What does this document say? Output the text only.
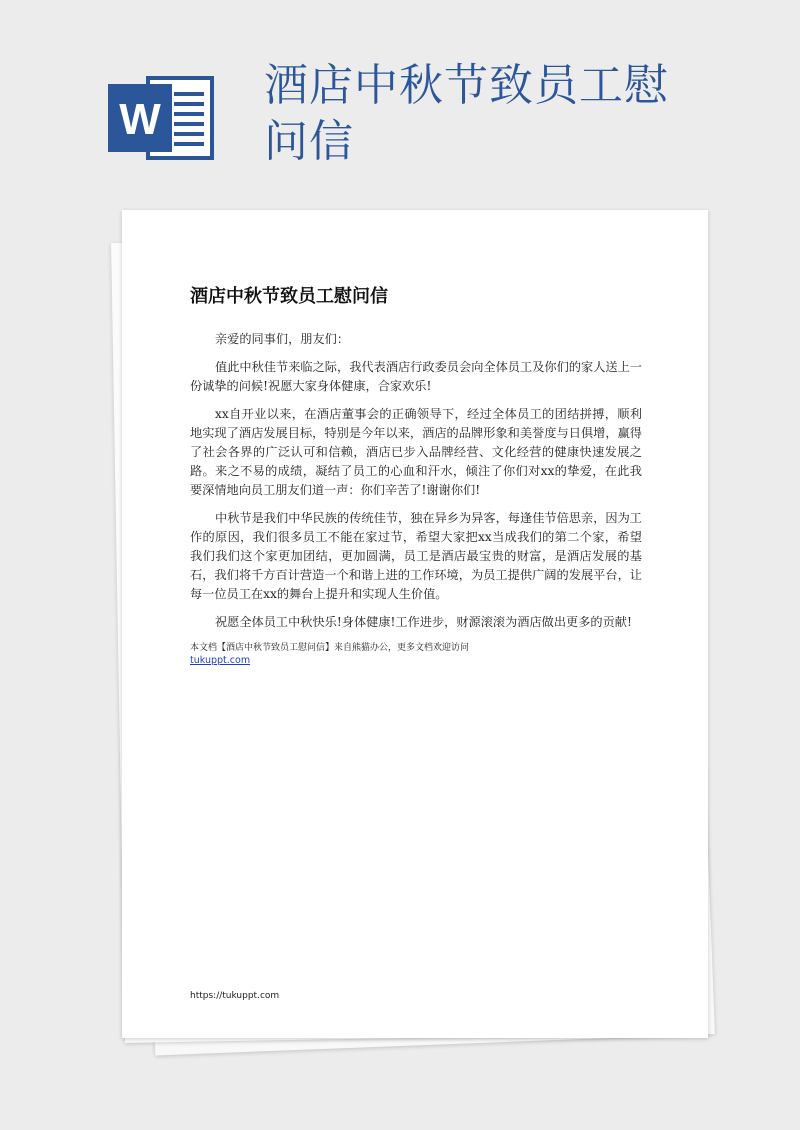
W
酒店中秋节致员工慰问信
酒店中秋节致员工慰问信

亲爱的同事们，朋友们：

值此中秋佳节来临之际，我代表酒店行政委员会向全体员工及你们的家人送上一份诚挚的问候!祝愿大家身体健康，合家欢乐!

xx自开业以来，在酒店董事会的正确领导下，经过全体员工的团结拼搏，顺利地实现了酒店发展目标，特别是今年以来，酒店的品牌形象和美誉度与日俱增，赢得了社会各界的广泛认可和信赖，酒店已步入品牌经营、文化经营的健康快速发展之路。来之不易的成绩，凝结了员工的心血和汗水，倾注了你们对xx的挚爱，在此我要深情地向员工朋友们道一声：你们辛苦了!谢谢你们!

中秋节是我们中华民族的传统佳节，独在异乡为异客，每逢佳节倍思亲，因为工作的原因，我们很多员工不能在家过节，希望大家把xx当成我们的第二个家，希望我们我们这个家更加团结，更加圆满，员工是酒店最宝贵的财富，是酒店发展的基石，我们将千方百计营造一个和谐上进的工作环境，为员工提供广阔的发展平台，让每一位员工在xx的舞台上提升和实现人生价值。

祝愿全体员工中秋快乐!身体健康!工作进步，财源滚滚为酒店做出更多的贡献!

本文档【酒店中秋节致员工慰问信】来自熊猫办公，更多文档欢迎访问
tukuppt.com
https://tukuppt.com
